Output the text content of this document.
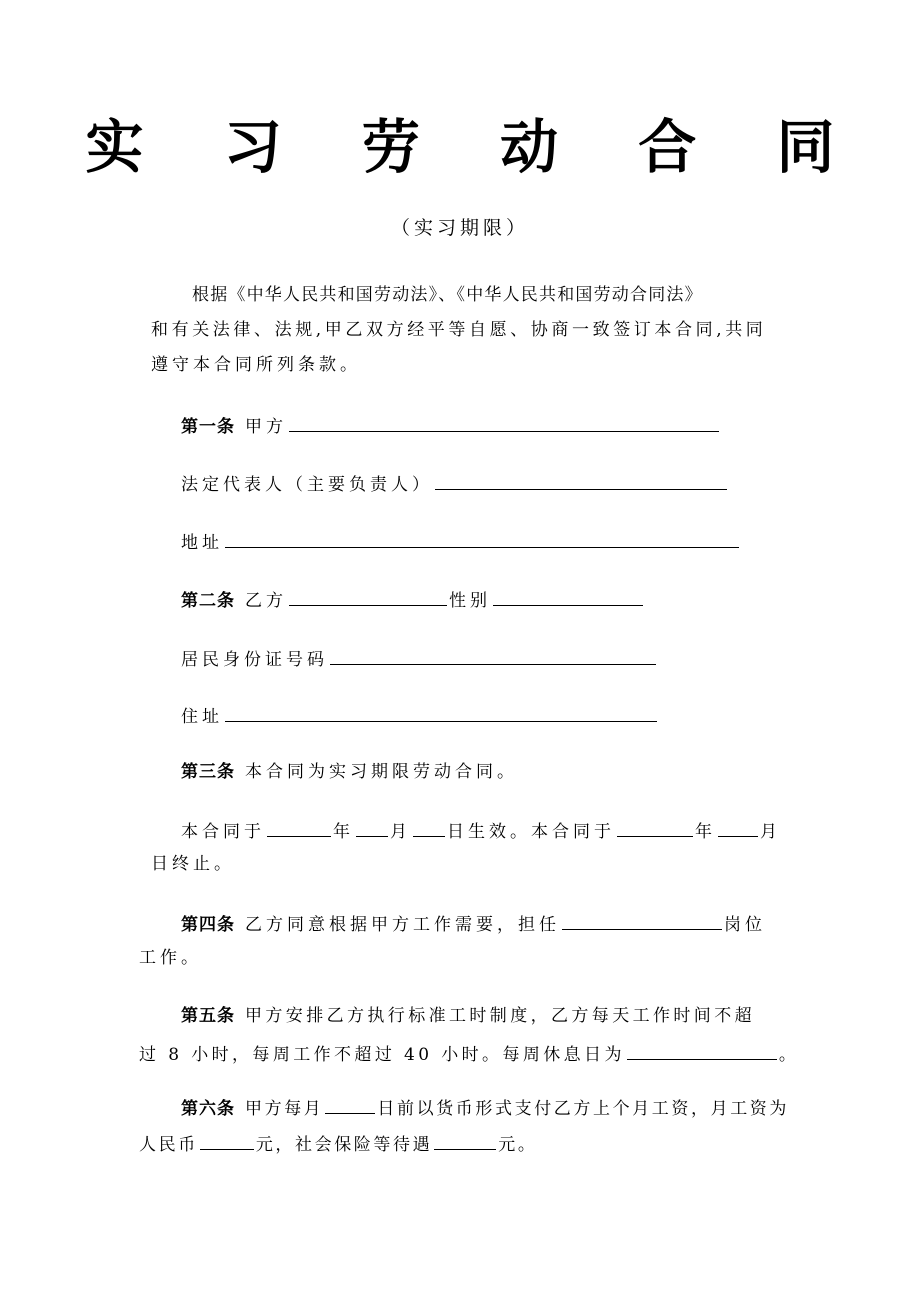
实 习 劳 动 合 同
（实习期限）
根据《中华人民共和国劳动法》、《中华人民共和国劳动合同法》
和有关法律、法规,甲乙双方经平等自愿、协商一致签订本合同,共同
遵守本合同所列条款。
第一条 甲方
法定代表人（主要负责人）
地址
第二条 乙方	性别
居民身份证号码
住址
第三条 本合同为实习期限劳动合同。
本合同于	年 月 日生效。本合同于	年	月
日终止。
第四条 乙方同意根据甲方工作需要，担任	岗位
工作。
第五条 甲方安排乙方执行标准工时制度，乙方每天工作时间不超
过 8 小时，每周工作不超过 40 小时。每周休息日为	。
第六条 甲方每月	日前以货币形式支付乙方上个月工资，月工资为
人民币	元，社会保险等待遇	元。
